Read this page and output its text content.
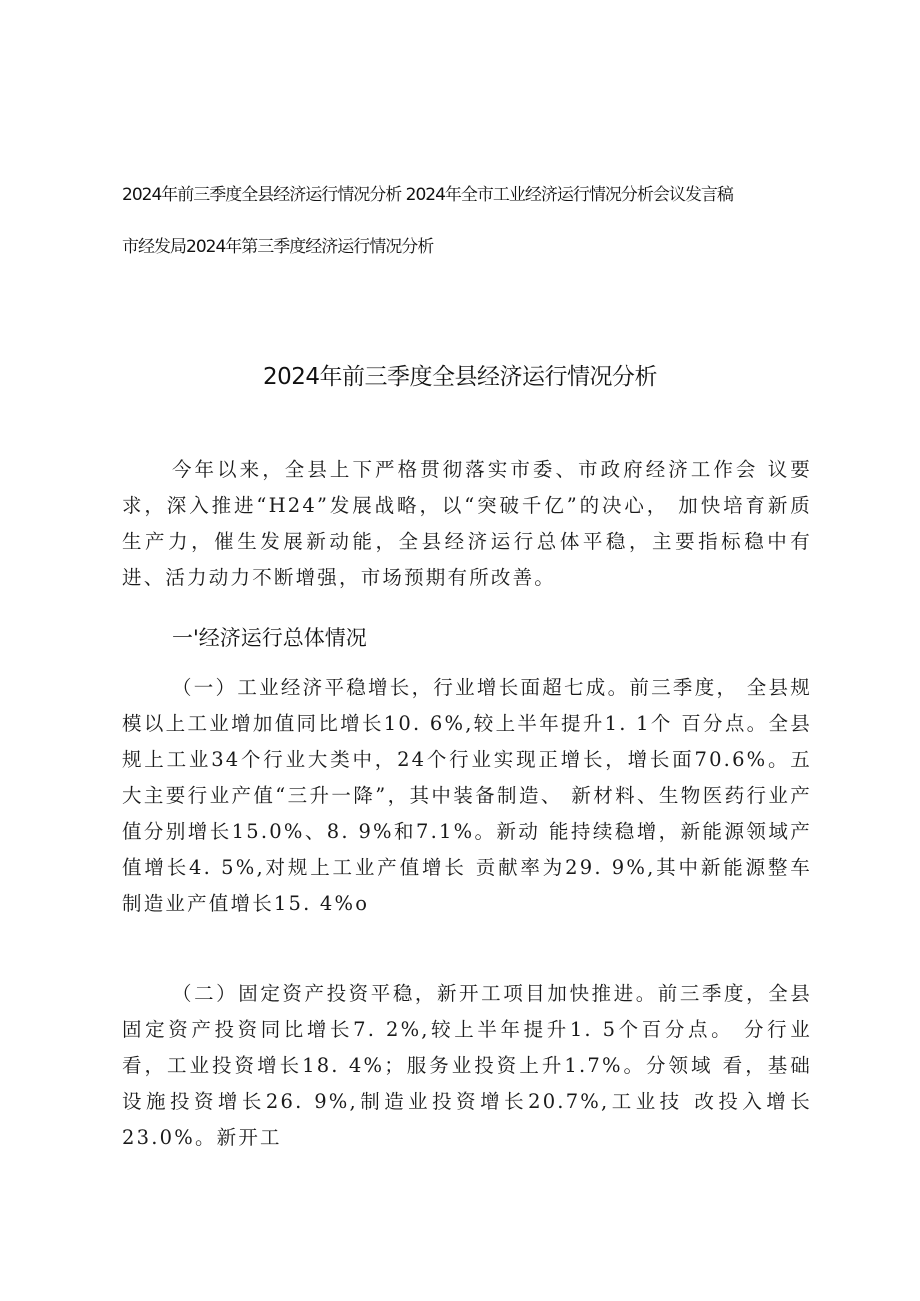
2024年前三季度全县经济运行情况分析 2024年全市工业经济运行情况分析会议发言稿
市经发局2024年第三季度经济运行情况分析
2024年前三季度全县经济运行情况分析

今年以来，全县上下严格贯彻落实市委、市政府经济工作会 议要求，深入推进“H24”发展战略，以“突破千亿”的决心， 加快培育新质生产力，催生发展新动能，全县经济运行总体平稳，主要指标稳中有进、活力动力不断增强，市场预期有所改善。

一'经济运行总体情况

（一）工业经济平稳增长，行业增长面超七成。前三季度， 全县规模以上工业增加值同比增长10. 6%,较上半年提升1. 1个 百分点。全县规上工业34个行业大类中，24个行业实现正增长，增长面70.6%。五大主要行业产值“三升一降”，其中装备制造、 新材料、生物医药行业产值分别增长15.0%、8. 9%和7.1%。新动 能持续稳增，新能源领域产值增长4. 5%,对规上工业产值增长 贡献率为29. 9%,其中新能源整车制造业产值增长15. 4%o

（二）固定资产投资平稳，新开工项目加快推进。前三季度，全县固定资产投资同比增长7. 2%,较上半年提升1. 5个百分点。 分行业看，工业投资增长18. 4%；服务业投资上升1.7%。分领域 看，基础设施投资增长26. 9%,制造业投资增长20.7%,工业技 改投入增长23.0%。新开工
